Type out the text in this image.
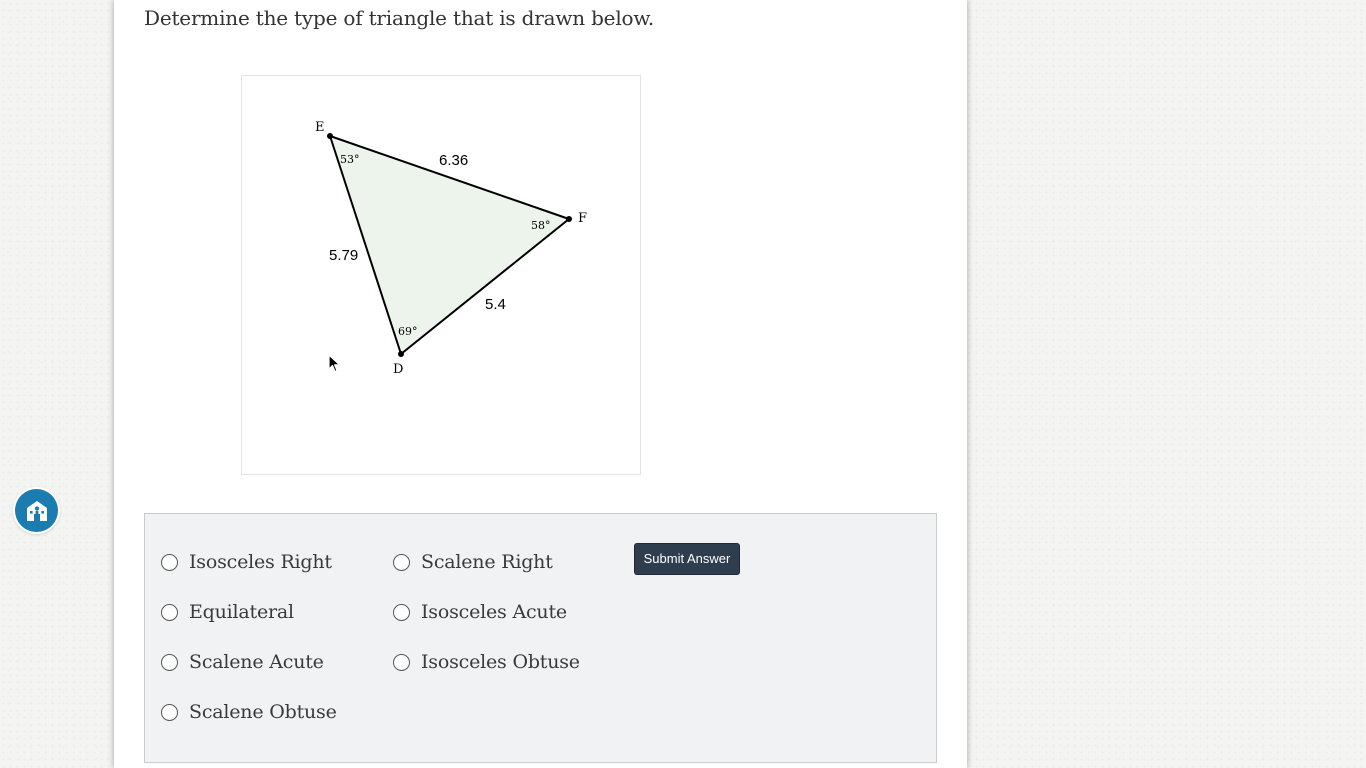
Determine the type of triangle that is drawn below.

E
F
D
6.36
5.79
5.4
53°
58°
69°
Isosceles Right	Scalene Right
Equilateral	Isosceles Acute
Scalene Acute	Isosceles Obtuse
Scalene Obtuse
Submit Answer
